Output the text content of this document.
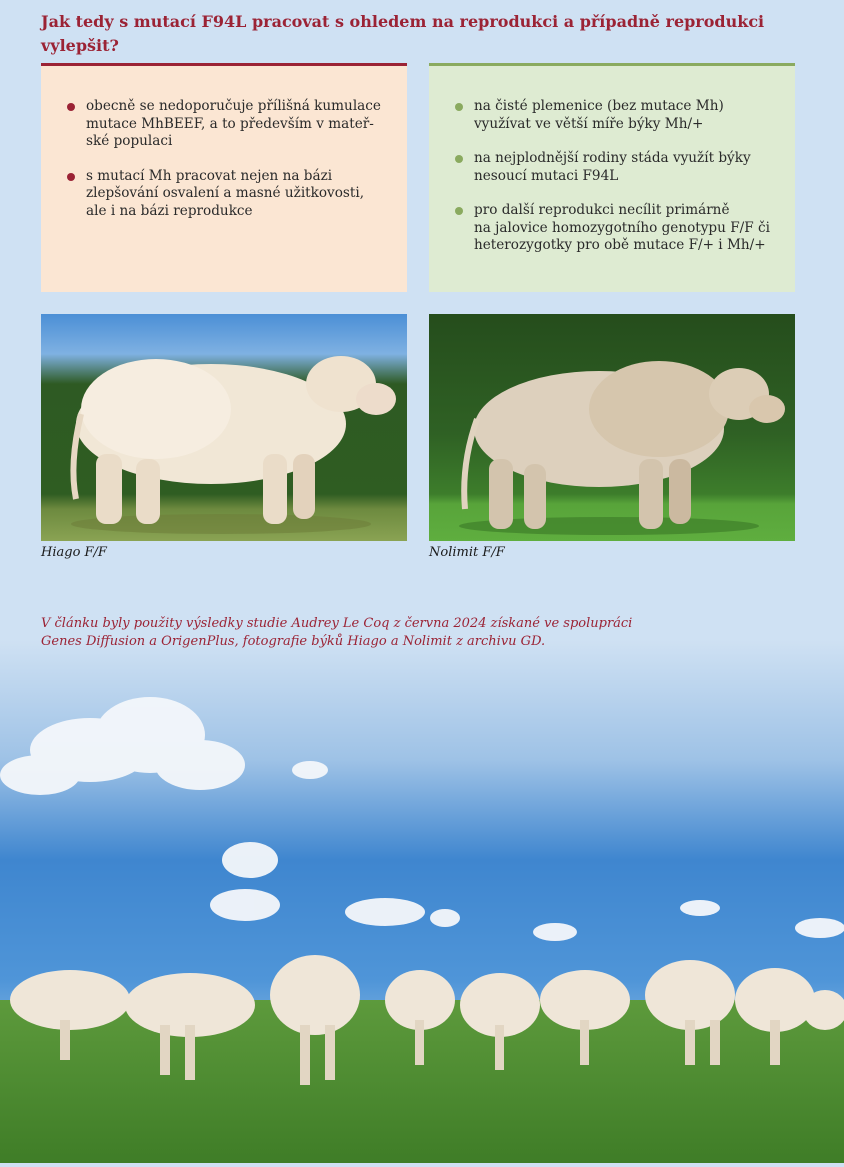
Jak tedy s mutací F94L pracovat s ohledem na reprodukci a případně reprodukci vylepšit?
obecně se nedoporučuje přílišná kumulace
mutace MhBEEF, a to především v mateř-
ské populaci
s mutací Mh pracovat nejen na bázi
zlepšování osvalení a masné užitkovosti,
ale i na bázi reprodukce
na čisté plemenice (bez mutace Mh)
využívat ve větší míře býky Mh/+
na nejplodnější rodiny stáda využít býky
nesoucí mutaci F94L
pro další reprodukci necílit primárně
na jalovice homozygotního genotypu F/F či
heterozygotky pro obě mutace F/+ i Mh/+
Hiago F/F	Nolimit F/F
V článku byly použity výsledky studie Audrey Le Coq z června 2024 získané ve spolupráci
Genes Diffusion a OrigenPlus, fotografie býků Hiago a Nolimit z archivu GD.
